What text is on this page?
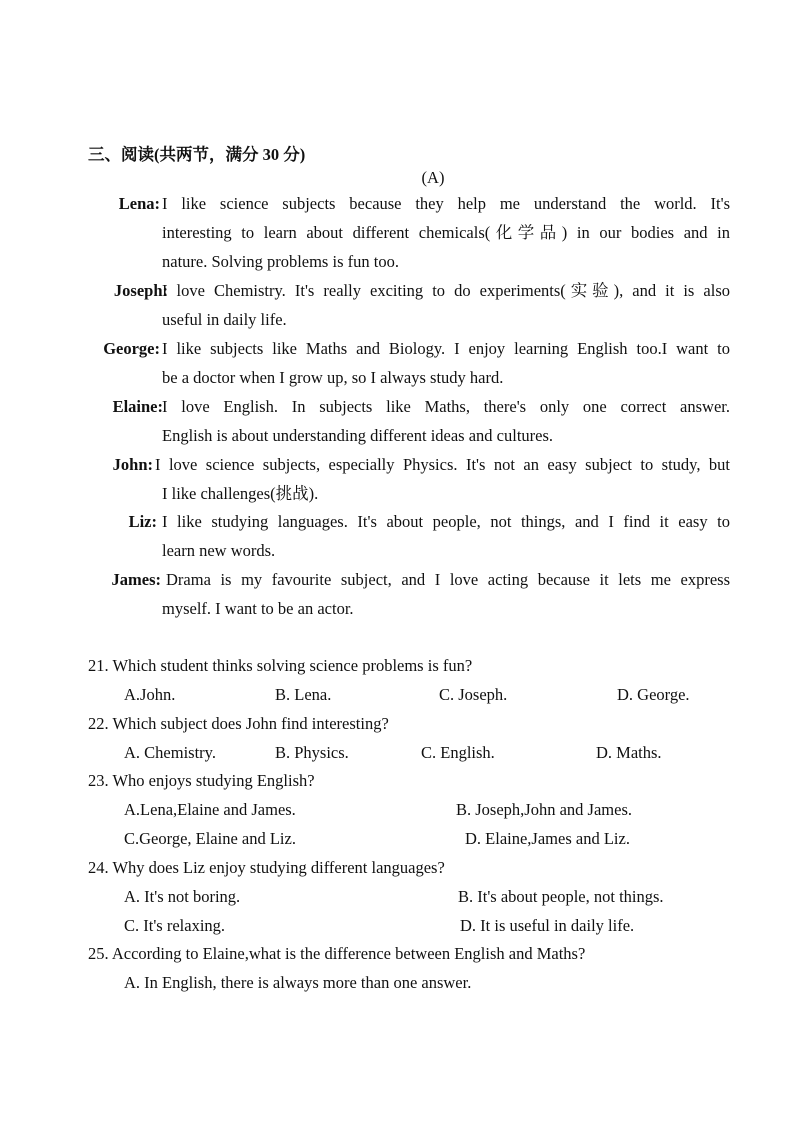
三、阅读(共两节，满分 30 分)
(A)
Lena: I like science subjects because they help me understand the world. It's
interesting to learn about different chemicals(化学品) in our bodies and in
nature. Solving problems is fun too.
Joseph:
I love Chemistry. It's really exciting to do experiments(实验), and it is also
useful in daily life.
George: I like subjects like Maths and Biology. I enjoy learning English too.I want to
be a doctor when I grow up, so I always study hard.
Elaine: I love English. In subjects like Maths, there's only one correct answer.
English is about understanding different ideas and cultures.
John: I love science subjects, especially Physics. It's not an easy subject to study, but
I like challenges(挑战).
Liz: I like studying languages. It's about people, not things, and I find it easy to
learn new words.
James: Drama is my favourite subject, and I love acting because it lets me express
myself. I want to be an actor.
21. Which student thinks solving science problems is fun?
A.John.	B. Lena.	C. Joseph.	D. George.
22. Which subject does John find interesting?
A. Chemistry.	B. Physics.	C. English.	D. Maths.
23. Who enjoys studying English?
A.Lena,Elaine and James.	B. Joseph,John and James.
C.George, Elaine and Liz.	D. Elaine,James and Liz.
24. Why does Liz enjoy studying different languages?
A. It's not boring.	B. It's about people, not things.
C. It's relaxing.	D. It is useful in daily life.
25. According to Elaine,what is the difference between English and Maths?
A. In English, there is always more than one answer.
